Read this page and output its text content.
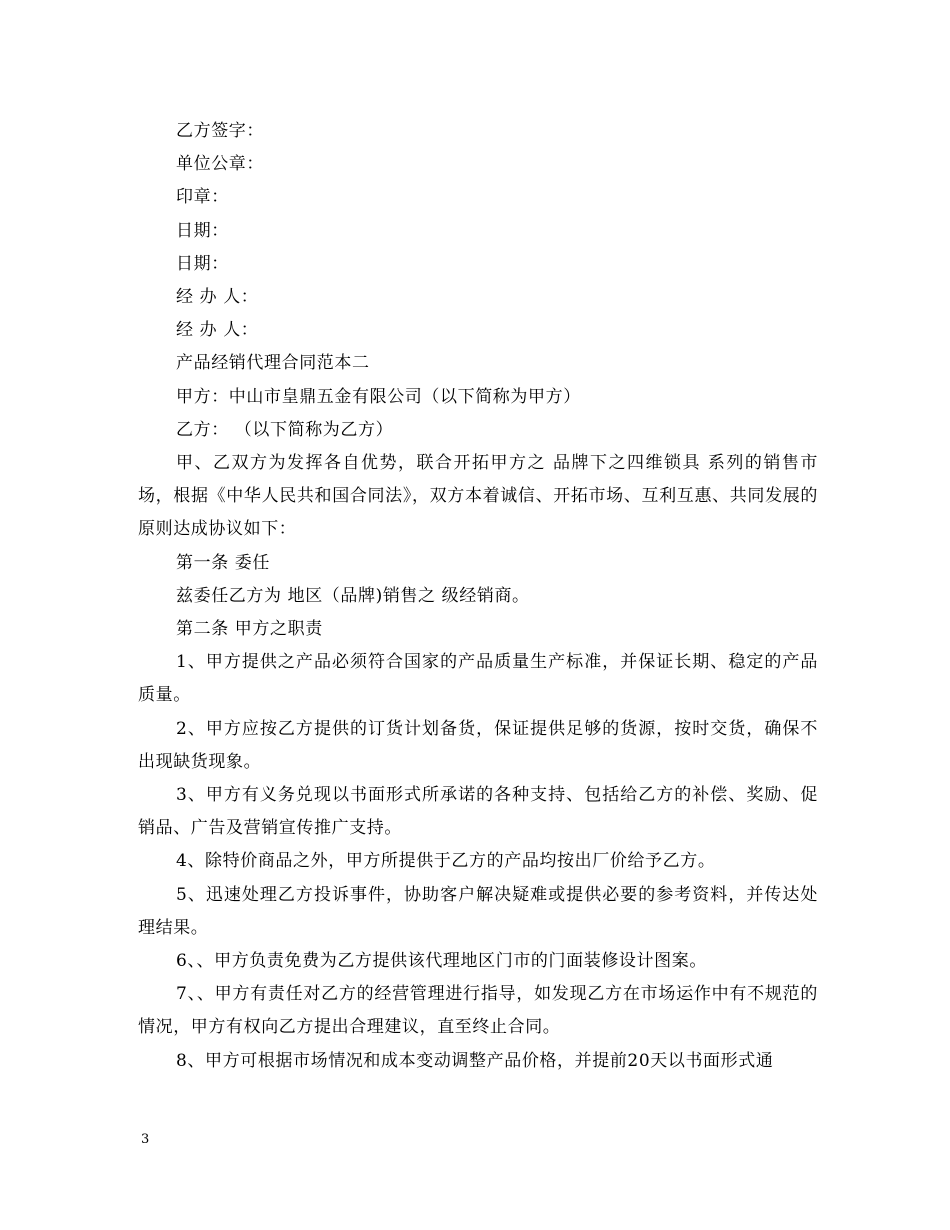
乙方签字：

单位公章：

印章：

日期：

日期：

经 办 人：

经 办 人：

产品经销代理合同范本二

甲方：中山市皇鼎五金有限公司（以下简称为甲方）

乙方： （以下简称为乙方）

甲、乙双方为发挥各自优势，联合开拓甲方之 品牌下之四维锁具 系列的销售市场，根据《中华人民共和国合同法》，双方本着诚信、开拓市场、互利互惠、共同发展的原则达成协议如下：

第一条 委任

兹委任乙方为 地区（品牌)销售之 级经销商。

第二条 甲方之职责

1、甲方提供之产品必须符合国家的产品质量生产标准，并保证长期、稳定的产品质量。

2、甲方应按乙方提供的订货计划备货，保证提供足够的货源，按时交货，确保不出现缺货现象。

3、甲方有义务兑现以书面形式所承诺的各种支持、包括给乙方的补偿、奖励、促销品、广告及营销宣传推广支持。

4、除特价商品之外，甲方所提供于乙方的产品均按出厂价给予乙方。

5、迅速处理乙方投诉事件，协助客户解决疑难或提供必要的参考资料，并传达处理结果。

6、、甲方负责免费为乙方提供该代理地区门市的门面装修设计图案。

7、、甲方有责任对乙方的经营管理进行指导，如发现乙方在市场运作中有不规范的情况，甲方有权向乙方提出合理建议，直至终止合同。

8、甲方可根据市场情况和成本变动调整产品价格，并提前20天以书面形式通

3
